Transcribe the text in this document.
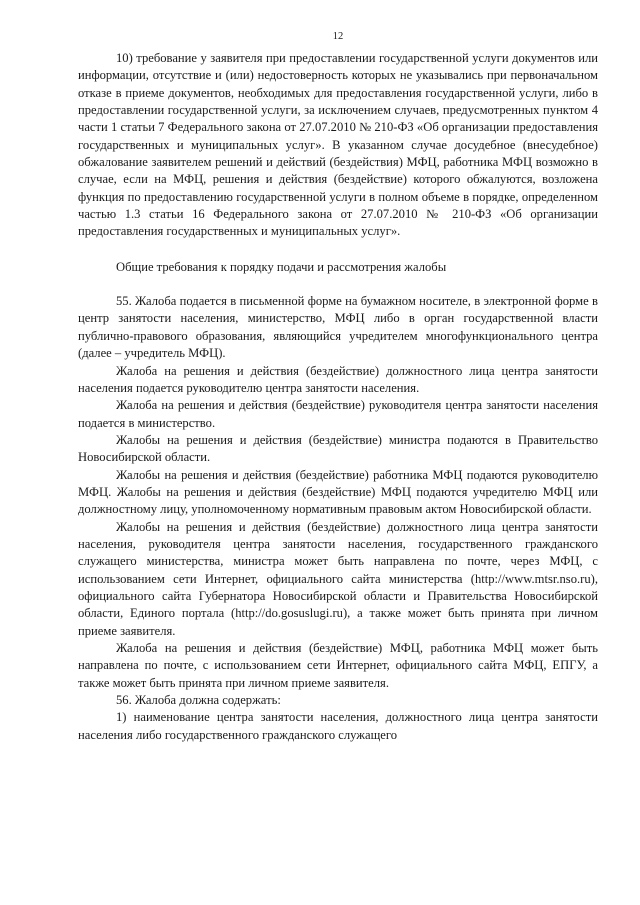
12

10) требование у заявителя при предоставлении государственной услуги документов или информации, отсутствие и (или) недостоверность которых не указывались при первоначальном отказе в приеме документов, необходимых для предоставления государственной услуги, либо в предоставлении государственной услуги, за исключением случаев, предусмотренных пунктом 4 части 1 статьи 7 Федерального закона от 27.07.2010 № 210-ФЗ «Об организации предоставления государственных и муниципальных услуг». В указанном случае досудебное (внесудебное) обжалование заявителем решений и действий (бездействия) МФЦ, работника МФЦ возможно в случае, если на МФЦ, решения и действия (бездействие) которого обжалуются, возложена функция по предоставлению государственной услуги в полном объеме в порядке, определенном частью 1.3 статьи 16 Федерального закона от 27.07.2010 № 210-ФЗ «Об организации предоставления государственных и муниципальных услуг».

Общие требования к порядку подачи и рассмотрения жалобы

55. Жалоба подается в письменной форме на бумажном носителе, в электронной форме в центр занятости населения, министерство, МФЦ либо в орган государственной власти публично-правового образования, являющийся учредителем многофункционального центра (далее – учредитель МФЦ).

Жалоба на решения и действия (бездействие) должностного лица центра занятости населения подается руководителю центра занятости населения.

Жалоба на решения и действия (бездействие) руководителя центра занятости населения подается в министерство.

Жалобы на решения и действия (бездействие) министра подаются в Правительство Новосибирской области.

Жалобы на решения и действия (бездействие) работника МФЦ подаются руководителю МФЦ. Жалобы на решения и действия (бездействие) МФЦ подаются учредителю МФЦ или должностному лицу, уполномоченному нормативным правовым актом Новосибирской области.

Жалобы на решения и действия (бездействие) должностного лица центра занятости населения, руководителя центра занятости населения, государственного гражданского служащего министерства, министра может быть направлена по почте, через МФЦ, с использованием сети Интернет, официального сайта министерства (http://www.mtsr.nso.ru), официального сайта Губернатора Новосибирской области и Правительства Новосибирской области, Единого портала (http://do.gosuslugi.ru), а также может быть принята при личном приеме заявителя.

Жалоба на решения и действия (бездействие) МФЦ, работника МФЦ может быть направлена по почте, с использованием сети Интернет, официального сайта МФЦ, ЕПГУ, а также может быть принята при личном приеме заявителя.

56. Жалоба должна содержать:

1) наименование центра занятости населения, должностного лица центра занятости населения либо государственного гражданского служащего
